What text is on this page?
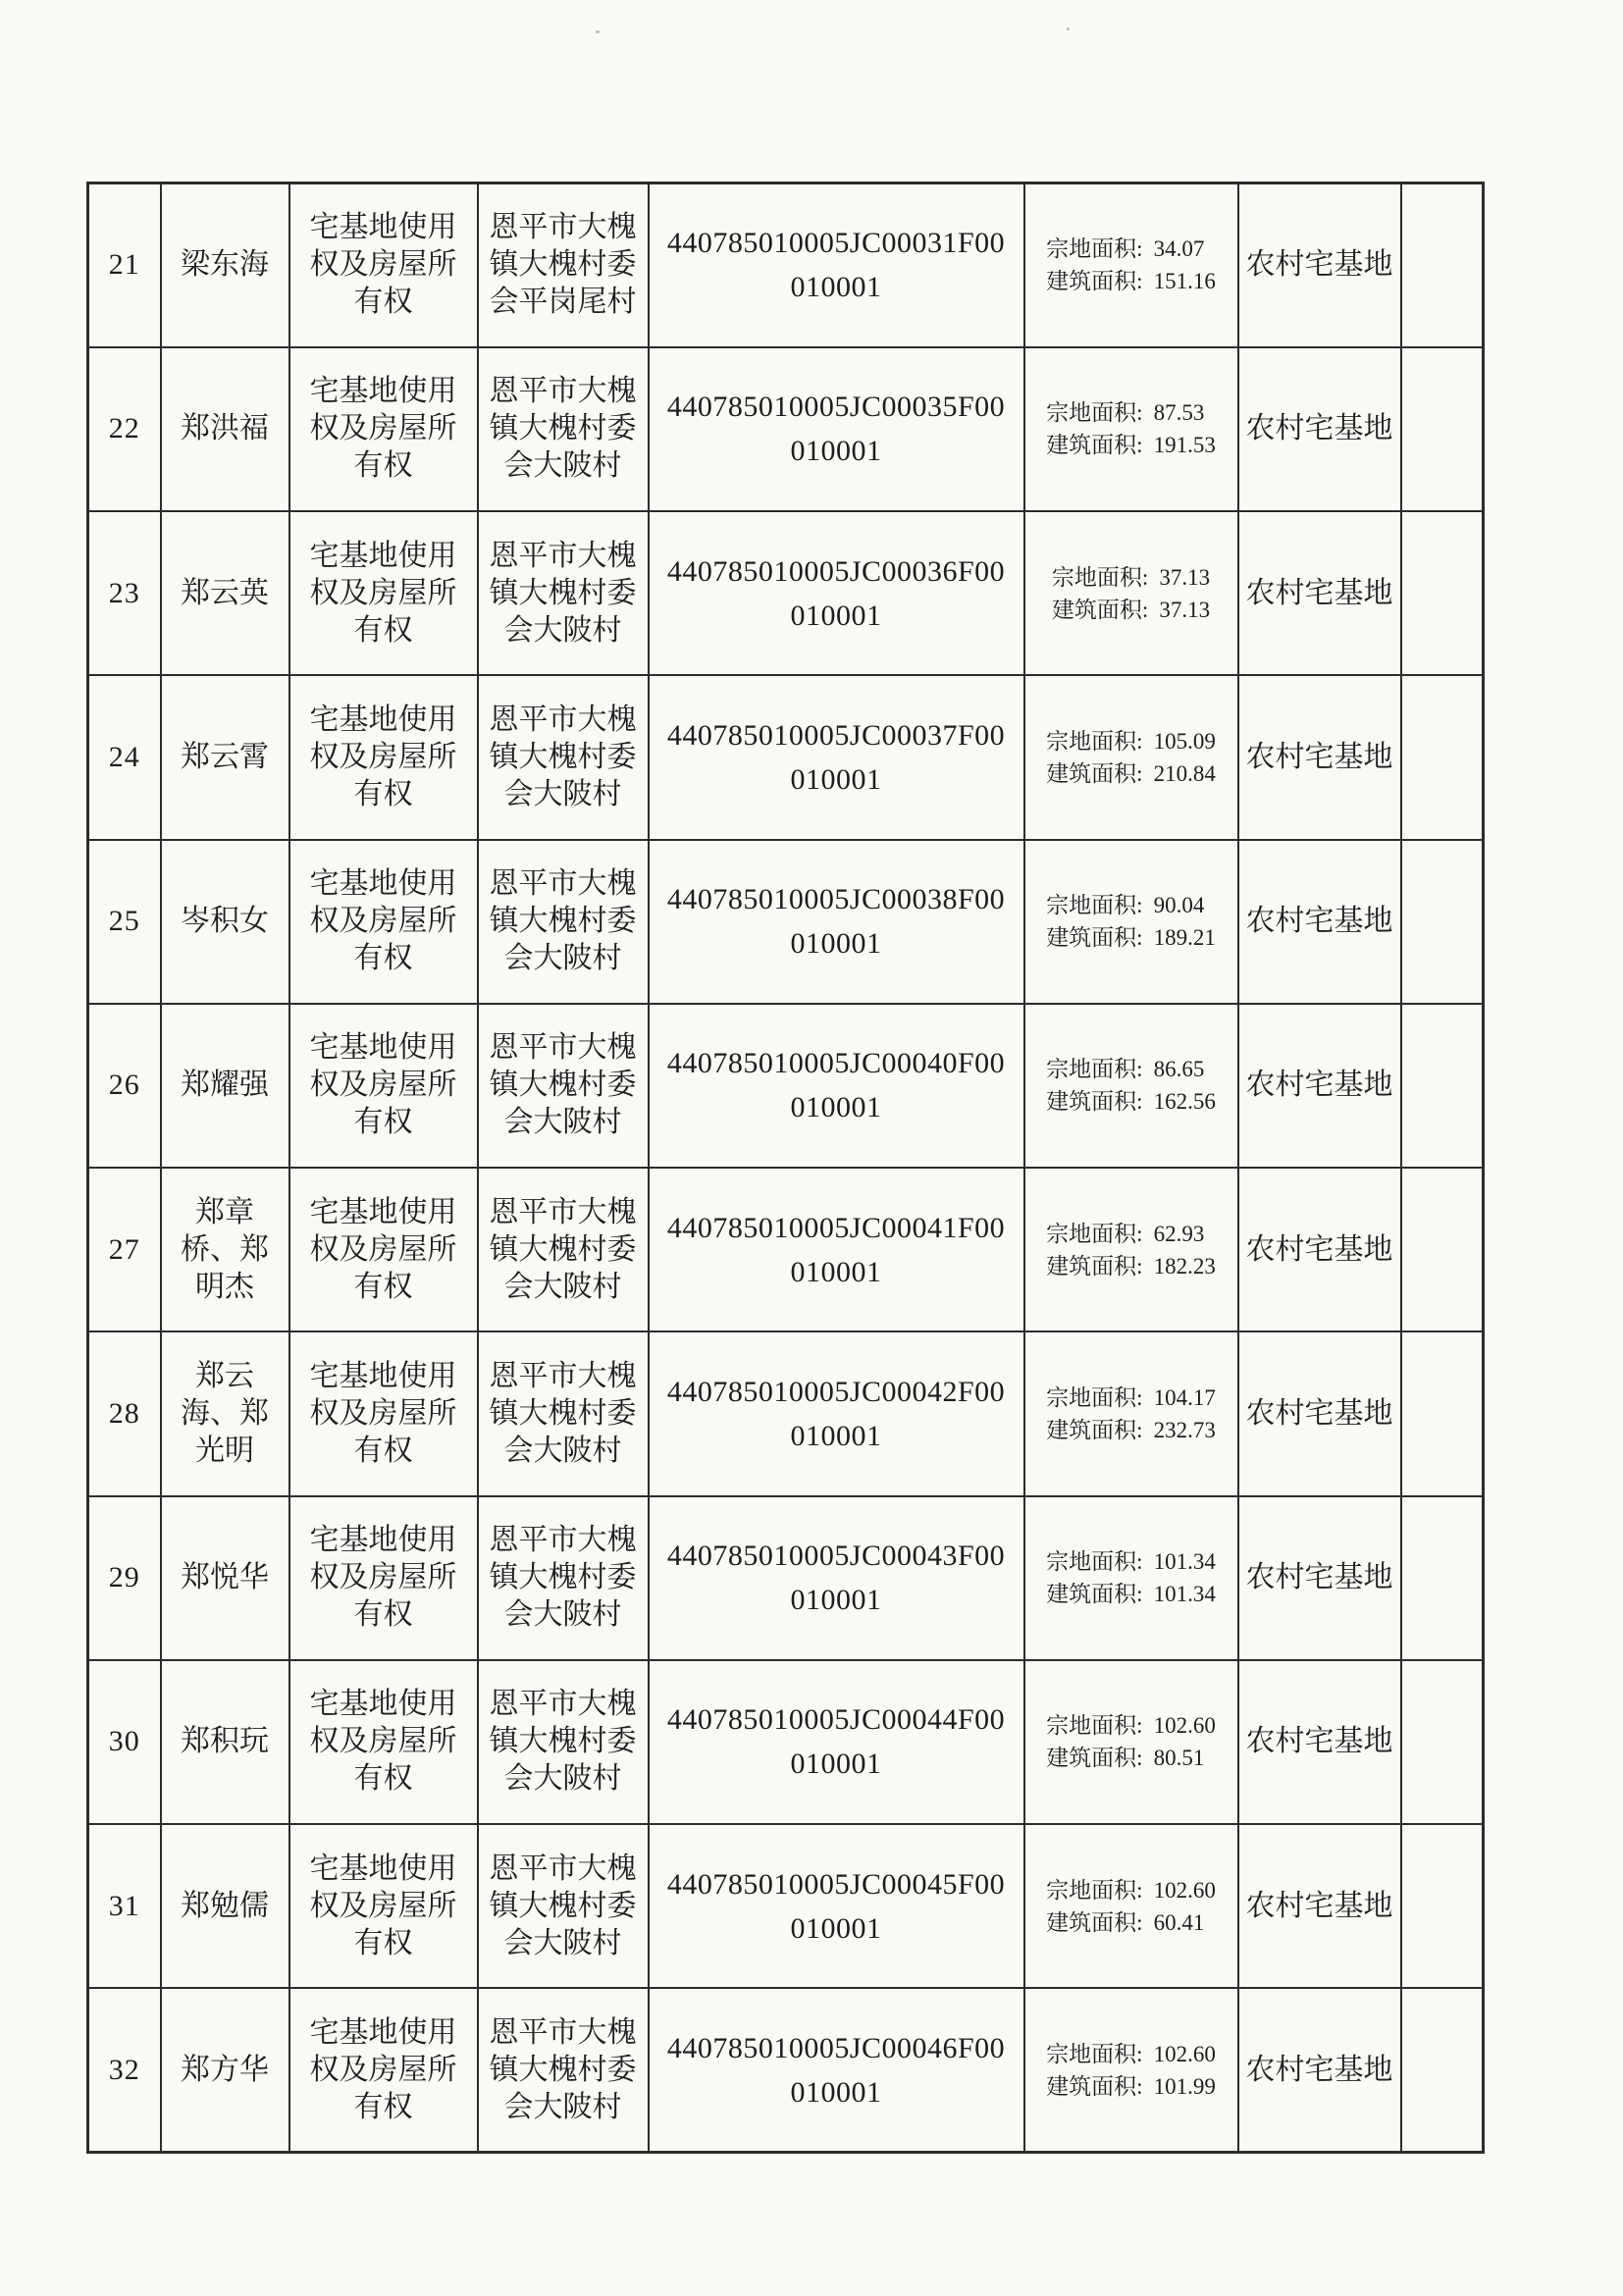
21	梁东海	宅基地使用权及房屋所有权	恩平市大槐镇大槐村委会平岗尾村	440785010005JC00031F00010001	宗地面积: 34.07
建筑面积: 151.16	农村宅基地	
22	郑洪福	宅基地使用权及房屋所有权	恩平市大槐镇大槐村委会大陂村	440785010005JC00035F00010001	宗地面积: 87.53
建筑面积: 191.53	农村宅基地	
23	郑云英	宅基地使用权及房屋所有权	恩平市大槐镇大槐村委会大陂村	440785010005JC00036F00010001	宗地面积: 37.13
建筑面积: 37.13	农村宅基地	
24	郑云霄	宅基地使用权及房屋所有权	恩平市大槐镇大槐村委会大陂村	440785010005JC00037F00010001	宗地面积: 105.09
建筑面积: 210.84	农村宅基地	
25	岑积女	宅基地使用权及房屋所有权	恩平市大槐镇大槐村委会大陂村	440785010005JC00038F00010001	宗地面积: 90.04
建筑面积: 189.21	农村宅基地	
26	郑耀强	宅基地使用权及房屋所有权	恩平市大槐镇大槐村委会大陂村	440785010005JC00040F00010001	宗地面积: 86.65
建筑面积: 162.56	农村宅基地	
27	郑章桥、郑明杰	宅基地使用权及房屋所有权	恩平市大槐镇大槐村委会大陂村	440785010005JC00041F00010001	宗地面积: 62.93
建筑面积: 182.23	农村宅基地	
28	郑云海、郑光明	宅基地使用权及房屋所有权	恩平市大槐镇大槐村委会大陂村	440785010005JC00042F00010001	宗地面积: 104.17
建筑面积: 232.73	农村宅基地	
29	郑悦华	宅基地使用权及房屋所有权	恩平市大槐镇大槐村委会大陂村	440785010005JC00043F00010001	宗地面积: 101.34
建筑面积: 101.34	农村宅基地	
30	郑积玩	宅基地使用权及房屋所有权	恩平市大槐镇大槐村委会大陂村	440785010005JC00044F00010001	宗地面积: 102.60
建筑面积: 80.51	农村宅基地	
31	郑勉儒	宅基地使用权及房屋所有权	恩平市大槐镇大槐村委会大陂村	440785010005JC00045F00010001	宗地面积: 102.60
建筑面积: 60.41	农村宅基地	
32	郑方华	宅基地使用权及房屋所有权	恩平市大槐镇大槐村委会大陂村	440785010005JC00046F00010001	宗地面积: 102.60
建筑面积: 101.99	农村宅基地	
